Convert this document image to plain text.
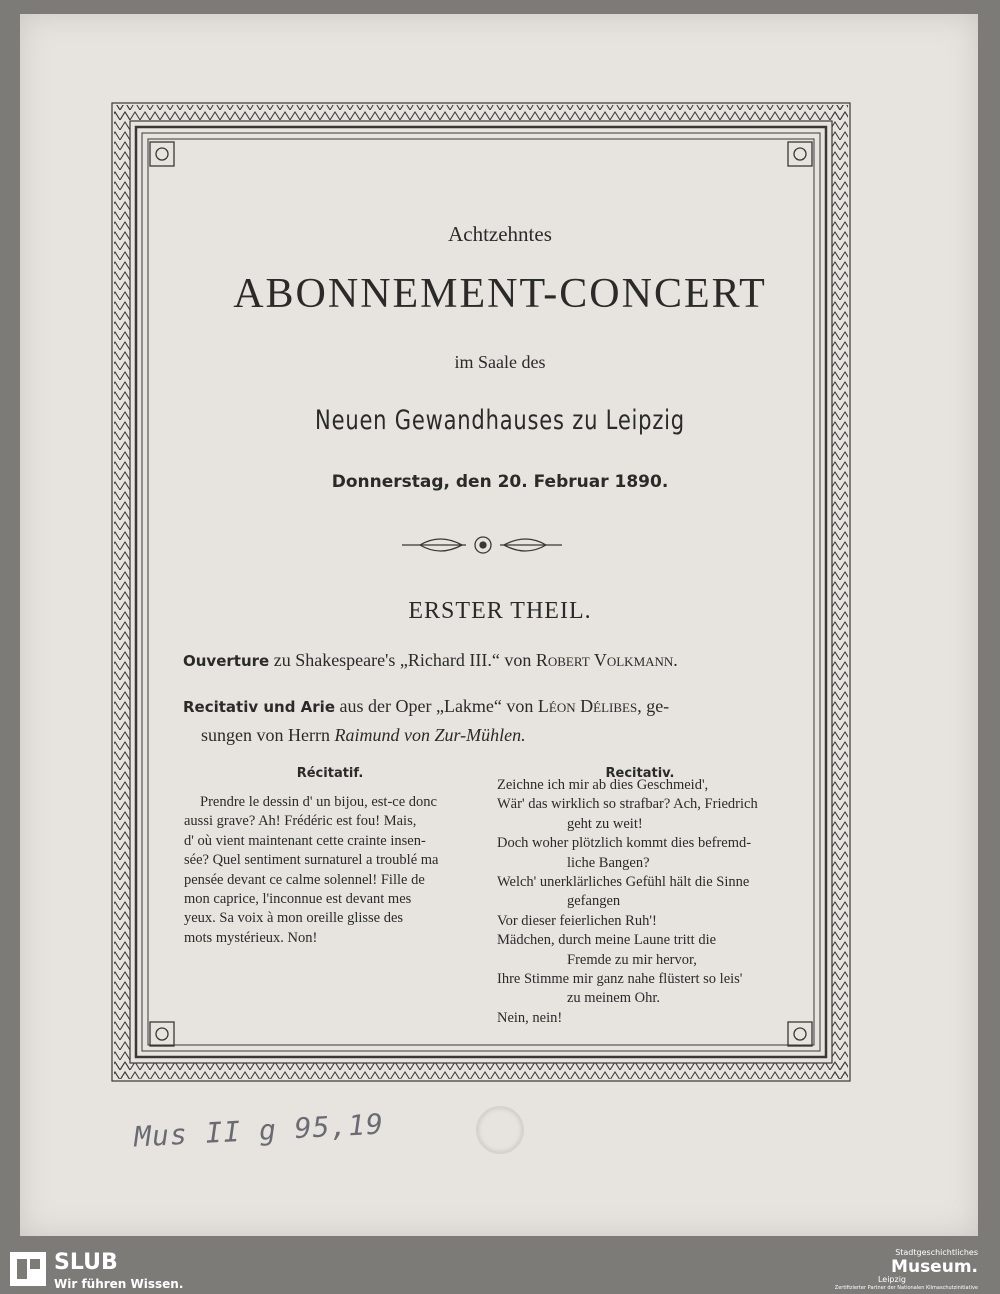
Achtzehntes
ABONNEMENT-CONCERT
im Saale des
Neuen Gewandhauses zu Leipzig
Donnerstag, den 20. Februar 1890.
ERSTER THEIL.
Ouverture zu Shakespeare's „Richard III.“ von Robert Volkmann.
Recitativ und Arie aus der Oper „Lakme“ von Léon Délibes, ge-
sungen von Herrn Raimund von Zur-Mühlen.
Récitatif.
Prendre le dessin d' un bijou, est-ce donc
aussi grave? Ah! Frédéric est fou! Mais,
d' où vient maintenant cette crainte insen-
sée? Quel sentiment surnaturel a troublé ma
pensée devant ce calme solennel! Fille de
mon caprice, l'inconnue est devant mes
yeux. Sa voix à mon oreille glisse des
mots mystérieux. Non!
Recitativ.
Zeichne ich mir ab dies Geschmeid',
Wär' das wirklich so strafbar? Ach, Friedrich
geht zu weit!
Doch woher plötzlich kommt dies befremd-
liche Bangen?
Welch' unerklärliches Gefühl hält die Sinne
gefangen
Vor dieser feierlichen Ruh'!
Mädchen, durch meine Laune tritt die
Fremde zu mir hervor,
Ihre Stimme mir ganz nahe flüstert so leis'
zu meinem Ohr.
Nein, nein!
Mus II g 95,19
SLUB
Wir führen Wissen.
Stadtgeschichtliches
Museum.
Leipzig
Zertifizierter Partner der Nationalen Klimaschutzinitiative
